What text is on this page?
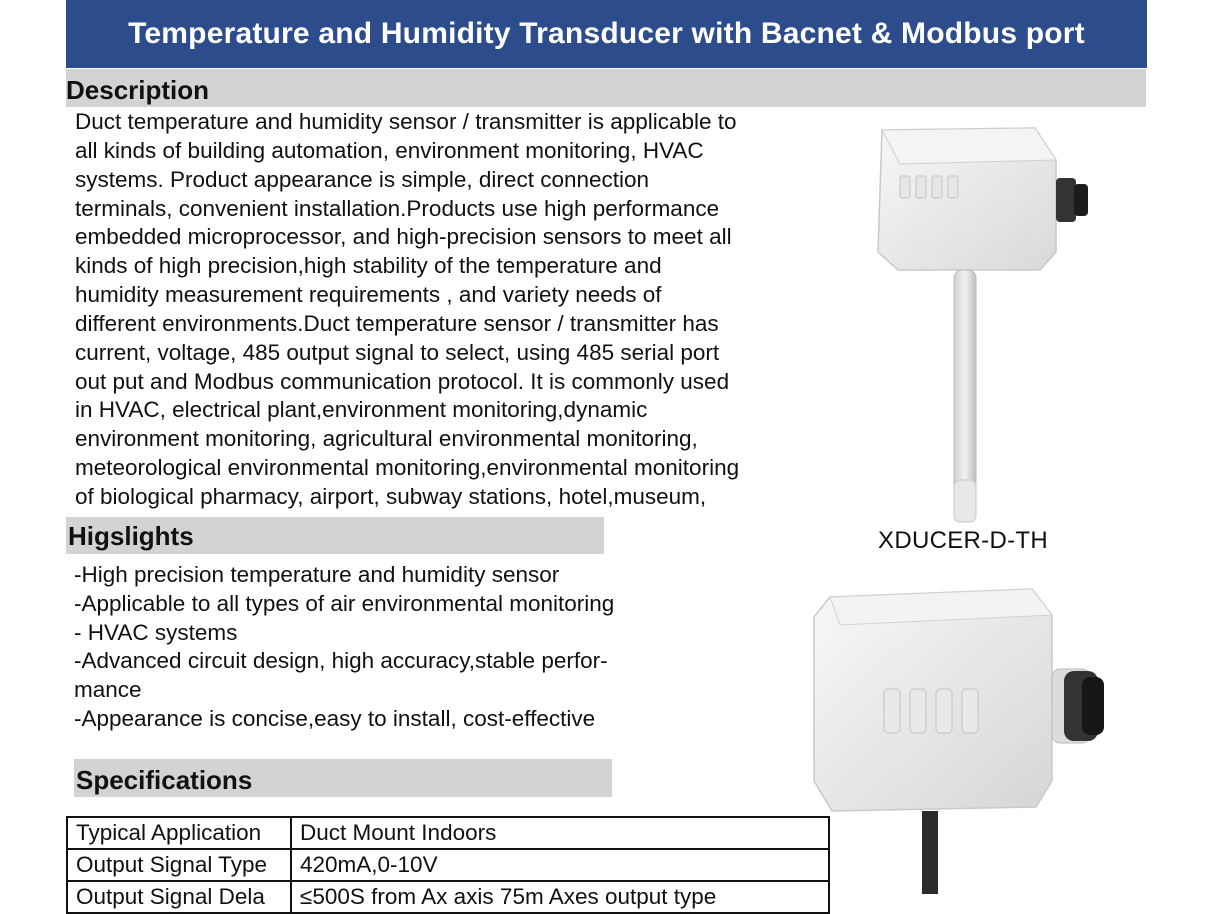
Temperature and Humidity Transducer with Bacnet & Modbus port
Description
Duct temperature and humidity sensor / transmitter is applicable to
all kinds of building automation, environment monitoring, HVAC
systems. Product appearance is simple, direct connection
terminals, convenient installation.Products use high performance
embedded microprocessor, and high-precision sensors to meet all
kinds of high precision,high stability of the temperature and
humidity measurement requirements , and variety needs of
different environments.Duct temperature sensor / transmitter has
current, voltage, 485 output signal to select, using 485 serial port
out put and Modbus communication protocol. It is commonly used
in HVAC, electrical plant,environment monitoring,dynamic
environment monitoring, agricultural environmental monitoring,
meteorological environmental monitoring,environmental monitoring
of biological pharmacy, airport, subway stations, hotel,museum,
Higslights
-High precision temperature and humidity sensor
-Applicable to all types of air environmental monitoring
- HVAC systems
-Advanced circuit design, high accuracy,stable perfor-
mance
-Appearance is concise,easy to install, cost-effective
Specifications
Typical Application	Duct Mount Indoors
Output Signal Type	420mA,0-10V
Output Signal Dela	≤500S from Ax axis 75m Axes output type
XDUCER-D-TH
